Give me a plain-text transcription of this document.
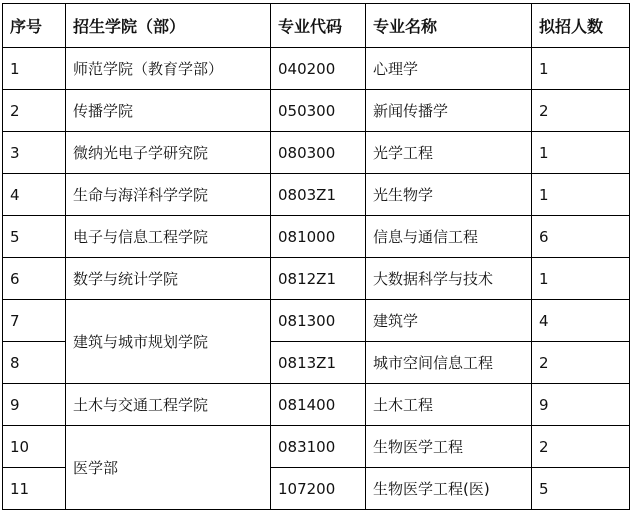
序号	招生学院（部）	专业代码	专业名称	拟招人数
1	师范学院（教育学部）	040200	心理学	1
2	传播学院	050300	新闻传播学	2
3	微纳光电子学研究院	080300	光学工程	1
4	生命与海洋科学学院	0803Z1	光生物学	1
5	电子与信息工程学院	081000	信息与通信工程	6
6	数学与统计学院	0812Z1	大数据科学与技术	1
7	建筑与城市规划学院	081300	建筑学	4
8		0813Z1	城市空间信息工程	2
9	土木与交通工程学院	081400	土木工程	9
10	医学部	083100	生物医学工程	2
11		107200	生物医学工程(医)	5
